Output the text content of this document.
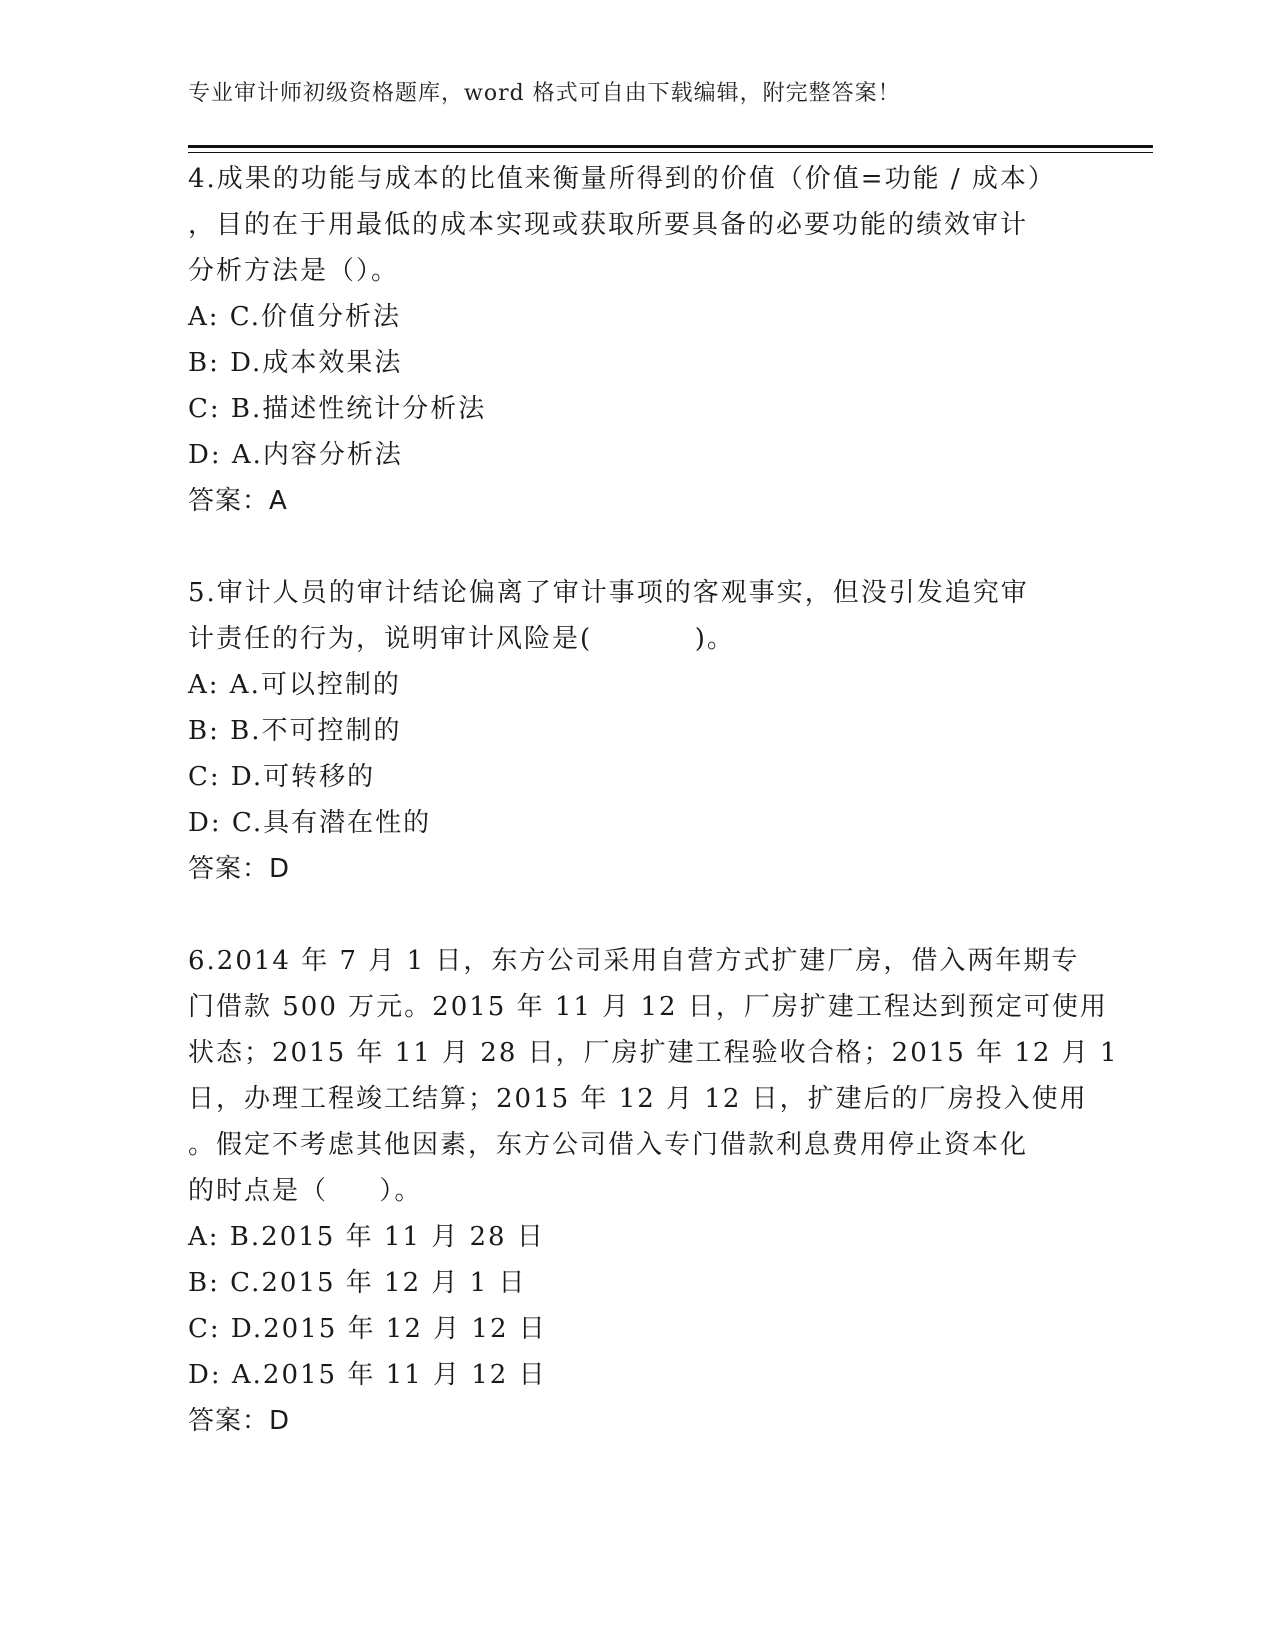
专业审计师初级资格题库，word 格式可自由下载编辑，附完整答案！
4.成果的功能与成本的比值来衡量所得到的价值（价值=功能 / 成本）
，目的在于用最低的成本实现或获取所要具备的必要功能的绩效审计
分析方法是（）。
A: C.价值分析法
B: D.成本效果法
C: B.描述性统计分析法
D: A.内容分析法
答案：A
5.审计人员的审计结论偏离了审计事项的客观事实，但没引发追究审
计责任的行为，说明审计风险是(          )。
A: A.可以控制的
B: B.不可控制的
C: D.可转移的
D: C.具有潜在性的
答案：D
6.2014 年 7 月 1 日，东方公司采用自营方式扩建厂房，借入两年期专
门借款 500 万元。2015 年 11 月 12 日，厂房扩建工程达到预定可使用
状态；2015 年 11 月 28 日，厂房扩建工程验收合格；2015 年 12 月 1
日，办理工程竣工结算；2015 年 12 月 12 日，扩建后的厂房投入使用
。假定不考虑其他因素，东方公司借入专门借款利息费用停止资本化
的时点是（     ）。
A: B.2015 年 11 月 28 日
B: C.2015 年 12 月 1 日
C: D.2015 年 12 月 12 日
D: A.2015 年 11 月 12 日
答案：D
